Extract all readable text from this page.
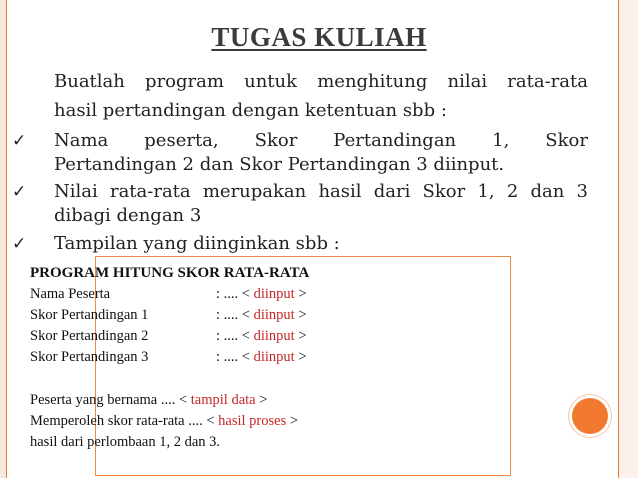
TUGAS KULIAH
Buatlah program untuk menghitung nilai rata-rata
hasil pertandingan dengan ketentuan sbb :
✓	Nama peserta, Skor Pertandingan 1, Skor
Pertandingan 2 dan Skor Pertandingan 3 diinput.
✓	Nilai rata-rata merupakan hasil dari Skor 1, 2 dan 3
dibagi dengan 3
✓	Tampilan yang diinginkan sbb :
PROGRAM HITUNG SKOR RATA-RATA
Nama Peserta	: .... < diinput >
Skor Pertandingan 1	: .... < diinput >
Skor Pertandingan 2	: .... < diinput >
Skor Pertandingan 3	: .... < diinput >
Peserta yang bernama .... < tampil data >
Memperoleh skor rata-rata .... < hasil proses >
hasil dari perlombaan 1, 2 dan 3.
